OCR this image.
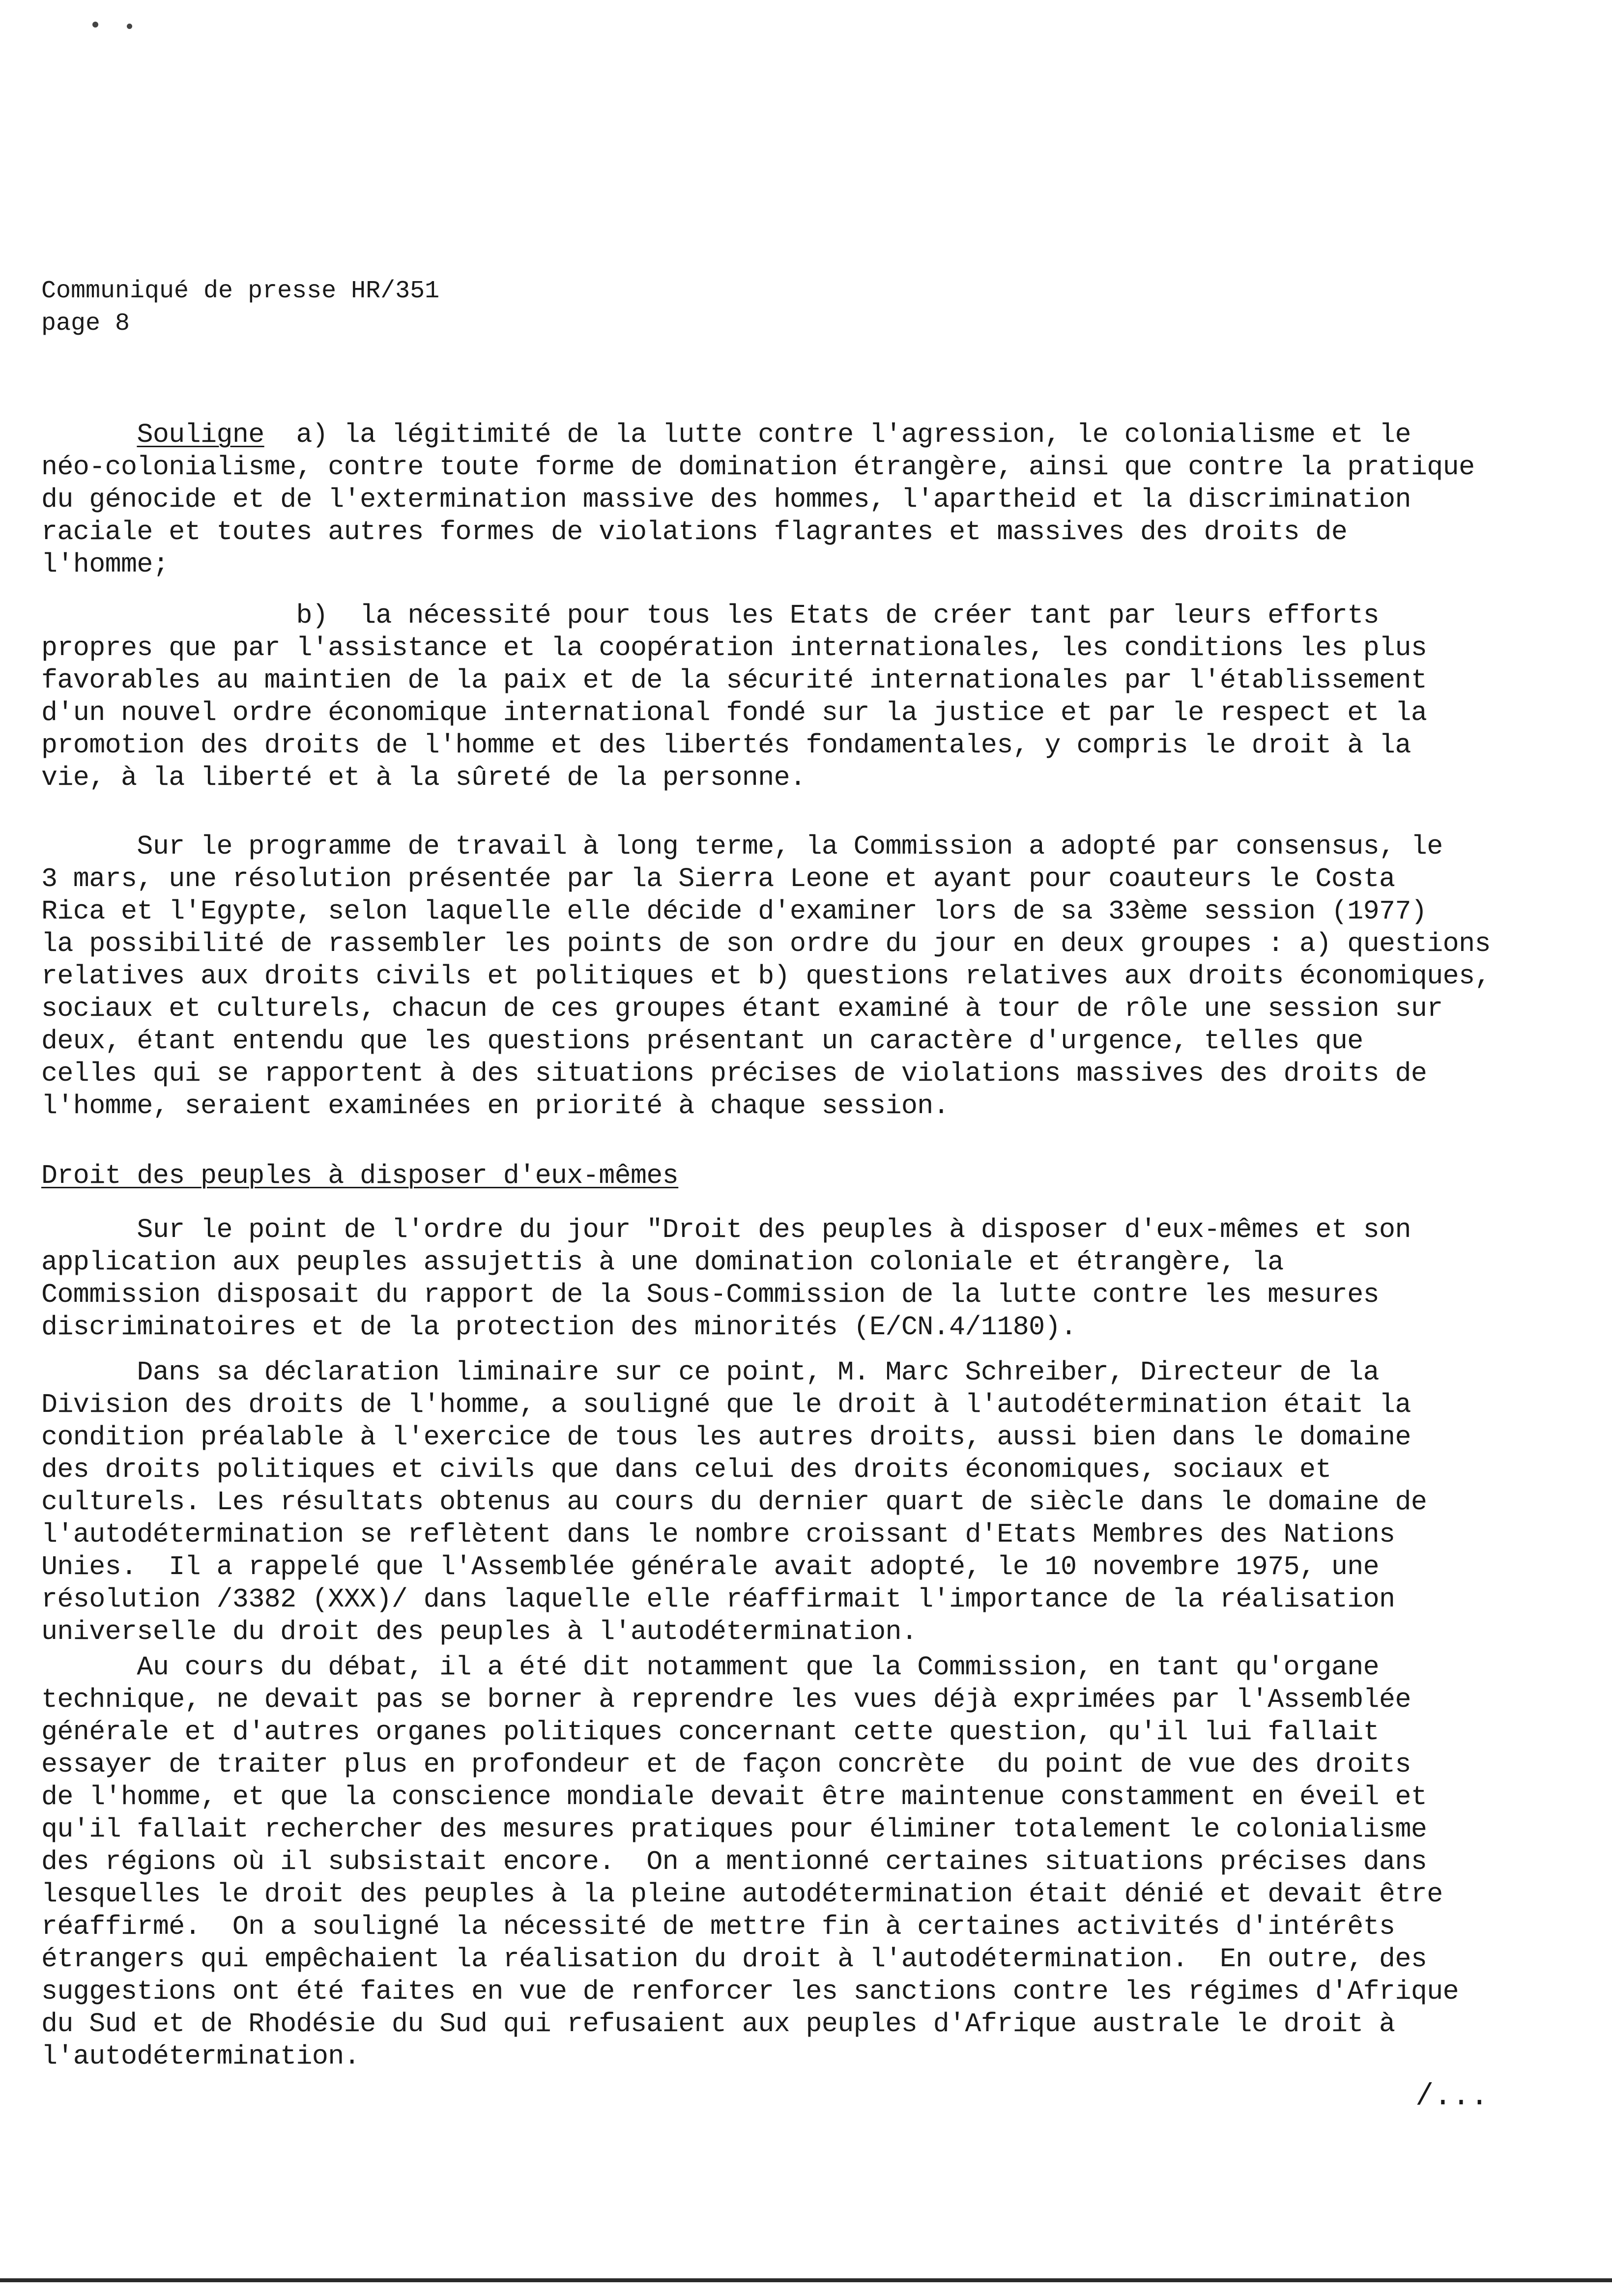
Communiqué de presse HR/351
page 8
Souligne  a) la légitimité de la lutte contre l'agression, le colonialisme et le
néo-colonialisme, contre toute forme de domination étrangère, ainsi que contre la pratique
du génocide et de l'extermination massive des hommes, l'apartheid et la discrimination
raciale et toutes autres formes de violations flagrantes et massives des droits de
l'homme;
b)  la nécessité pour tous les Etats de créer tant par leurs efforts
propres que par l'assistance et la coopération internationales, les conditions les plus
favorables au maintien de la paix et de la sécurité internationales par l'établissement
d'un nouvel ordre économique international fondé sur la justice et par le respect et la
promotion des droits de l'homme et des libertés fondamentales, y compris le droit à la
vie, à la liberté et à la sûreté de la personne.
Sur le programme de travail à long terme, la Commission a adopté par consensus, le
3 mars, une résolution présentée par la Sierra Leone et ayant pour coauteurs le Costa
Rica et l'Egypte, selon laquelle elle décide d'examiner lors de sa 33ème session (1977)
la possibilité de rassembler les points de son ordre du jour en deux groupes : a) questions
relatives aux droits civils et politiques et b) questions relatives aux droits économiques,
sociaux et culturels, chacun de ces groupes étant examiné à tour de rôle une session sur
deux, étant entendu que les questions présentant un caractère d'urgence, telles que
celles qui se rapportent à des situations précises de violations massives des droits de
l'homme, seraient examinées en priorité à chaque session.
Droit des peuples à disposer d'eux-mêmes
Sur le point de l'ordre du jour "Droit des peuples à disposer d'eux-mêmes et son
application aux peuples assujettis à une domination coloniale et étrangère, la
Commission disposait du rapport de la Sous-Commission de la lutte contre les mesures
discriminatoires et de la protection des minorités (E/CN.4/1180).
Dans sa déclaration liminaire sur ce point, M. Marc Schreiber, Directeur de la
Division des droits de l'homme, a souligné que le droit à l'autodétermination était la
condition préalable à l'exercice de tous les autres droits, aussi bien dans le domaine
des droits politiques et civils que dans celui des droits économiques, sociaux et
culturels. Les résultats obtenus au cours du dernier quart de siècle dans le domaine de
l'autodétermination se reflètent dans le nombre croissant d'Etats Membres des Nations
Unies.  Il a rappelé que l'Assemblée générale avait adopté, le 10 novembre 1975, une
résolution /3382 (XXX)/ dans laquelle elle réaffirmait l'importance de la réalisation
universelle du droit des peuples à l'autodétermination.
Au cours du débat, il a été dit notamment que la Commission, en tant qu'organe
technique, ne devait pas se borner à reprendre les vues déjà exprimées par l'Assemblée
générale et d'autres organes politiques concernant cette question, qu'il lui fallait
essayer de traiter plus en profondeur et de façon concrète  du point de vue des droits
de l'homme, et que la conscience mondiale devait être maintenue constamment en éveil et
qu'il fallait rechercher des mesures pratiques pour éliminer totalement le colonialisme
des régions où il subsistait encore.  On a mentionné certaines situations précises dans
lesquelles le droit des peuples à la pleine autodétermination était dénié et devait être
réaffirmé.  On a souligné la nécessité de mettre fin à certaines activités d'intérêts
étrangers qui empêchaient la réalisation du droit à l'autodétermination.  En outre, des
suggestions ont été faites en vue de renforcer les sanctions contre les régimes d'Afrique
du Sud et de Rhodésie du Sud qui refusaient aux peuples d'Afrique australe le droit à
l'autodétermination.
/...
